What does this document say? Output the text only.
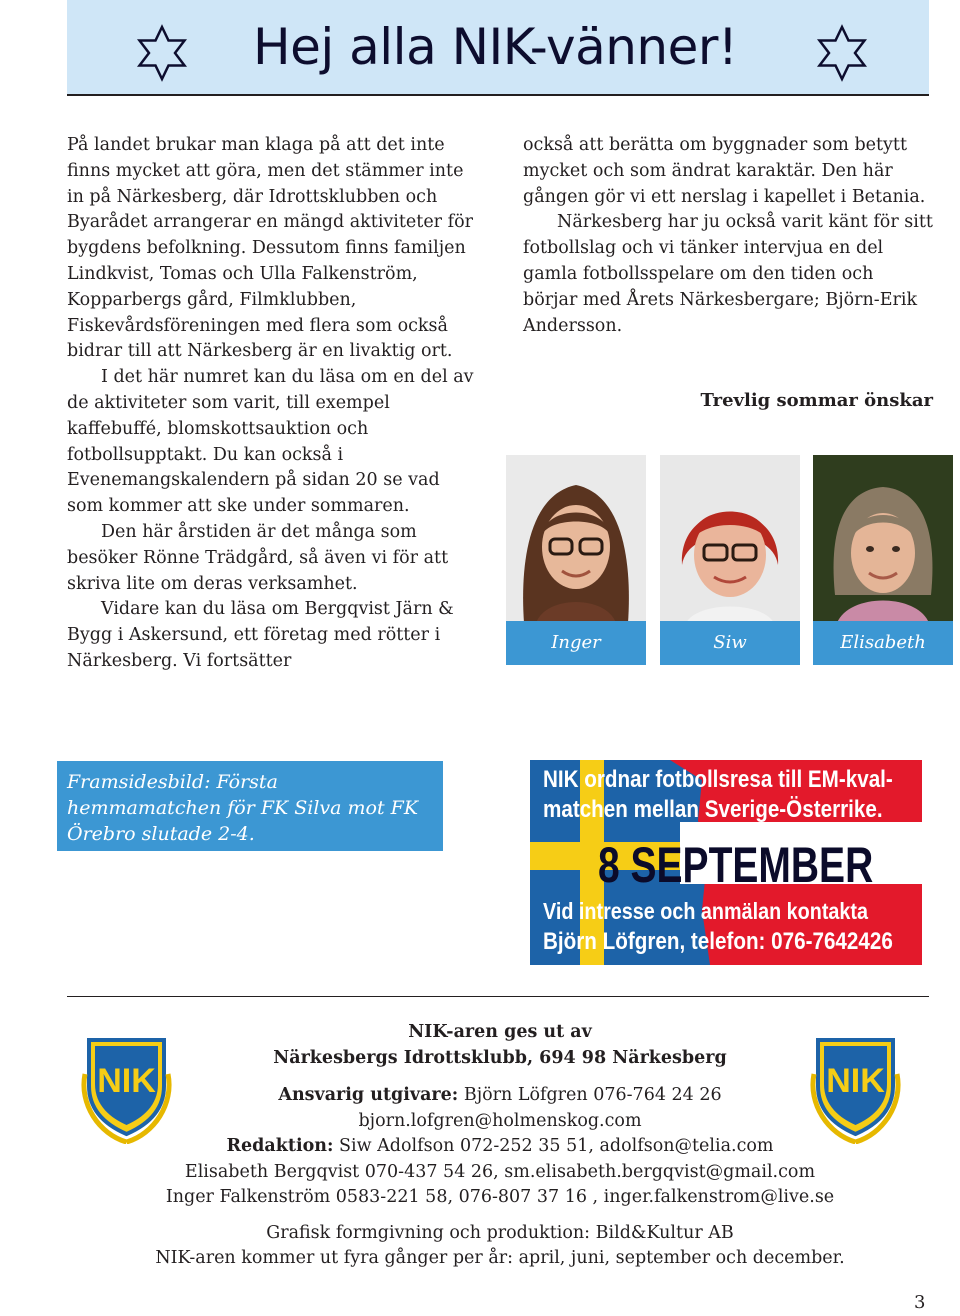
Hej alla NIK-vänner!

På landet brukar man klaga på att det inte finns mycket att göra, men det stämmer inte in på Närkesberg, där Idrottsklubben och Byarådet arrangerar en mängd aktiviteter för bygdens befolkning. Dessutom finns familjen Lindkvist, Tomas och Ulla Falkenström, Kopparbergs gård, Filmklubben, Fiskevårdsföreningen med flera som också bidrar till att Närkesberg är en livaktig ort.

I det här numret kan du läsa om en del av de aktiviteter som varit, till exempel kaffebuffé, blomskottsauktion och fotbollsupptakt. Du kan också i Evenemangskalendern på sidan 20 se vad som kommer att ske under sommaren.

Den här årstiden är det många som besöker Rönne Trädgård, så även vi för att skriva lite om deras verksamhet.

Vidare kan du läsa om Bergqvist Järn & Bygg i Askersund, ett företag med rötter i Närkesberg. Vi fortsätter

också att berätta om byggnader som betytt mycket och som ändrat karaktär. Den här gången gör vi ett nerslag i kapellet i Betania.

Närkesberg har ju också varit känt för sitt fotbollslag och vi tänker intervjua en del gamla fotbollsspelare om den tiden och börjar med Årets Närkesbergare; Björn-Erik Andersson.

Trevlig sommar önskar
Inger	Siw	Elisabeth
Framsidesbild: Första hemmamatchen för FK Silva mot FK Örebro slutade 2-4.
NIK ordnar fotbollsresa till EM-kval-
matchen mellan Sverige-Österrike.
8 SEPTEMBER
Vid intresse och anmälan kontakta
Björn Löfgren, telefon: 076-7642426
NIK	NIK
NIK-aren ges ut av
Närkesbergs Idrottsklubb, 694 98 Närkesberg
Ansvarig utgivare: Björn Löfgren 076-764 24 26
bjorn.lofgren@holmenskog.com
Redaktion: Siw Adolfson 072-252 35 51, adolfson@telia.com
Elisabeth Bergqvist 070-437 54 26, sm.elisabeth.bergqvist@gmail.com
Inger Falkenström 0583-221 58, 076-807 37 16 , inger.falkenstrom@live.se
Grafisk formgivning och produktion: Bild&Kultur AB
NIK-aren kommer ut fyra gånger per år: april, juni, september och december.
3
